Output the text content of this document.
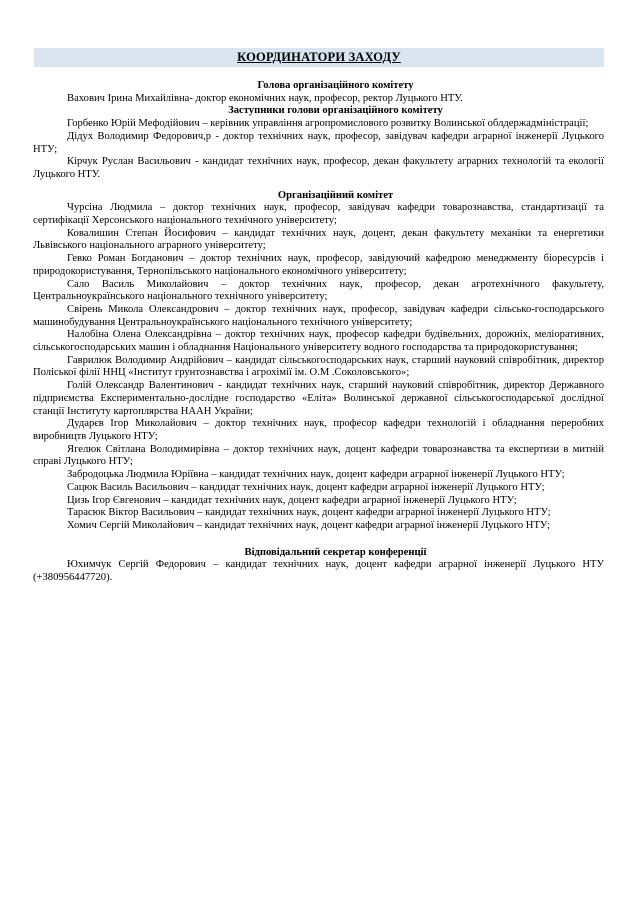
КООРДИНАТОРИ ЗАХОДУ

Голова організаційного комітету

Вахович Ірина Михайлівна- доктор економічних наук, професор, ректор Луцького НТУ.

Заступники голови організаційного комітету

Горбенко Юрій Мефодійович – керівник управління агропромислового розвитку Волинської облдержадміністрації;

Дідух Володимир Федорович,р - доктор технічних наук, професор, завідувач кафедри аграрної інженерії Луцького НТУ;

Кірчук Руслан Васильович - кандидат технічних наук, професор, декан факультету аграрних технологій та екології Луцького НТУ.

Організаційний комітет

Чурсіна Людмила – доктор технічних наук, професор, завідувач кафедри товарознавства, стандартизації та сертифікації Херсонського національного технічного університету;

Ковалишин Степан Йосифович – кандидат технічних наук, доцент, декан факультету механіки та енергетики Львівського національного аграрного університету;

Гевко Роман Богданович – доктор технічних наук, професор, завідуючий кафедрою менеджменту біоресурсів і природокористування, Тернопільського національного економічного університету;

Сало Василь Миколайович – доктор технічних наук, професор, декан агротехнічного факультету, Центральноукраїнського національного технічного університету;

Свірень Микола Олександрович – доктор технічних наук, професор, завідувач кафедри сільсько-господарського машинобудування Центральноукраїнського національного технічного університету;

Налобіна Олена Олександрівна – доктор технічних наук, професор кафедри будівельних, дорожніх, меліоративних, сільськогосподарських машин і обладнання Національного університету водного господарства та природокористування;

Гаврилюк Володимир Андрійович – кандидат сільськогосподарських наук, старший науковий співробітник, директор Поліської філії ННЦ «Інститут грунтознавства і агрохімії ім. О.М .Соколовського»;

Голій Олександр Валентинович - кандидат технічних наук, старший науковий співробітник, директор Державного підприємства Експериментально-дослідне господарство «Еліта» Волинської державної сільськогосподарської дослідної станції Інституту картоплярства НААН України;

Дударєв Ігор Миколайович – доктор технічних наук, професор кафедри технологій і обладнання переробних виробництв Луцького НТУ;

Ягелюк Світлана Володимирівна – доктор технічних наук, доцент кафедри товарознавства та експертизи в митній справі Луцького НТУ;

Забродоцька Людмила Юріївна – кандидат технічних наук, доцент кафедри аграрної інженерії Луцького НТУ;

Сацюк Василь Васильович – кандидат технічних наук, доцент кафедри аграрної інженерії Луцького НТУ;

Цизь Ігор Євгенович – кандидат технічних наук, доцент кафедри аграрної інженерії Луцького НТУ;

Тарасюк Віктор Васильович – кандидат технічних наук, доцент кафедри аграрної інженерії Луцького НТУ;

Хомич Сергій Миколайович – кандидат технічних наук, доцент кафедри аграрної інженерії Луцького НТУ;

Відповідальний секретар конференції

Юхимчук Сергій Федорович – кандидат технічних наук, доцент кафедри аграрної інженерії Луцького НТУ (+380956447720).
